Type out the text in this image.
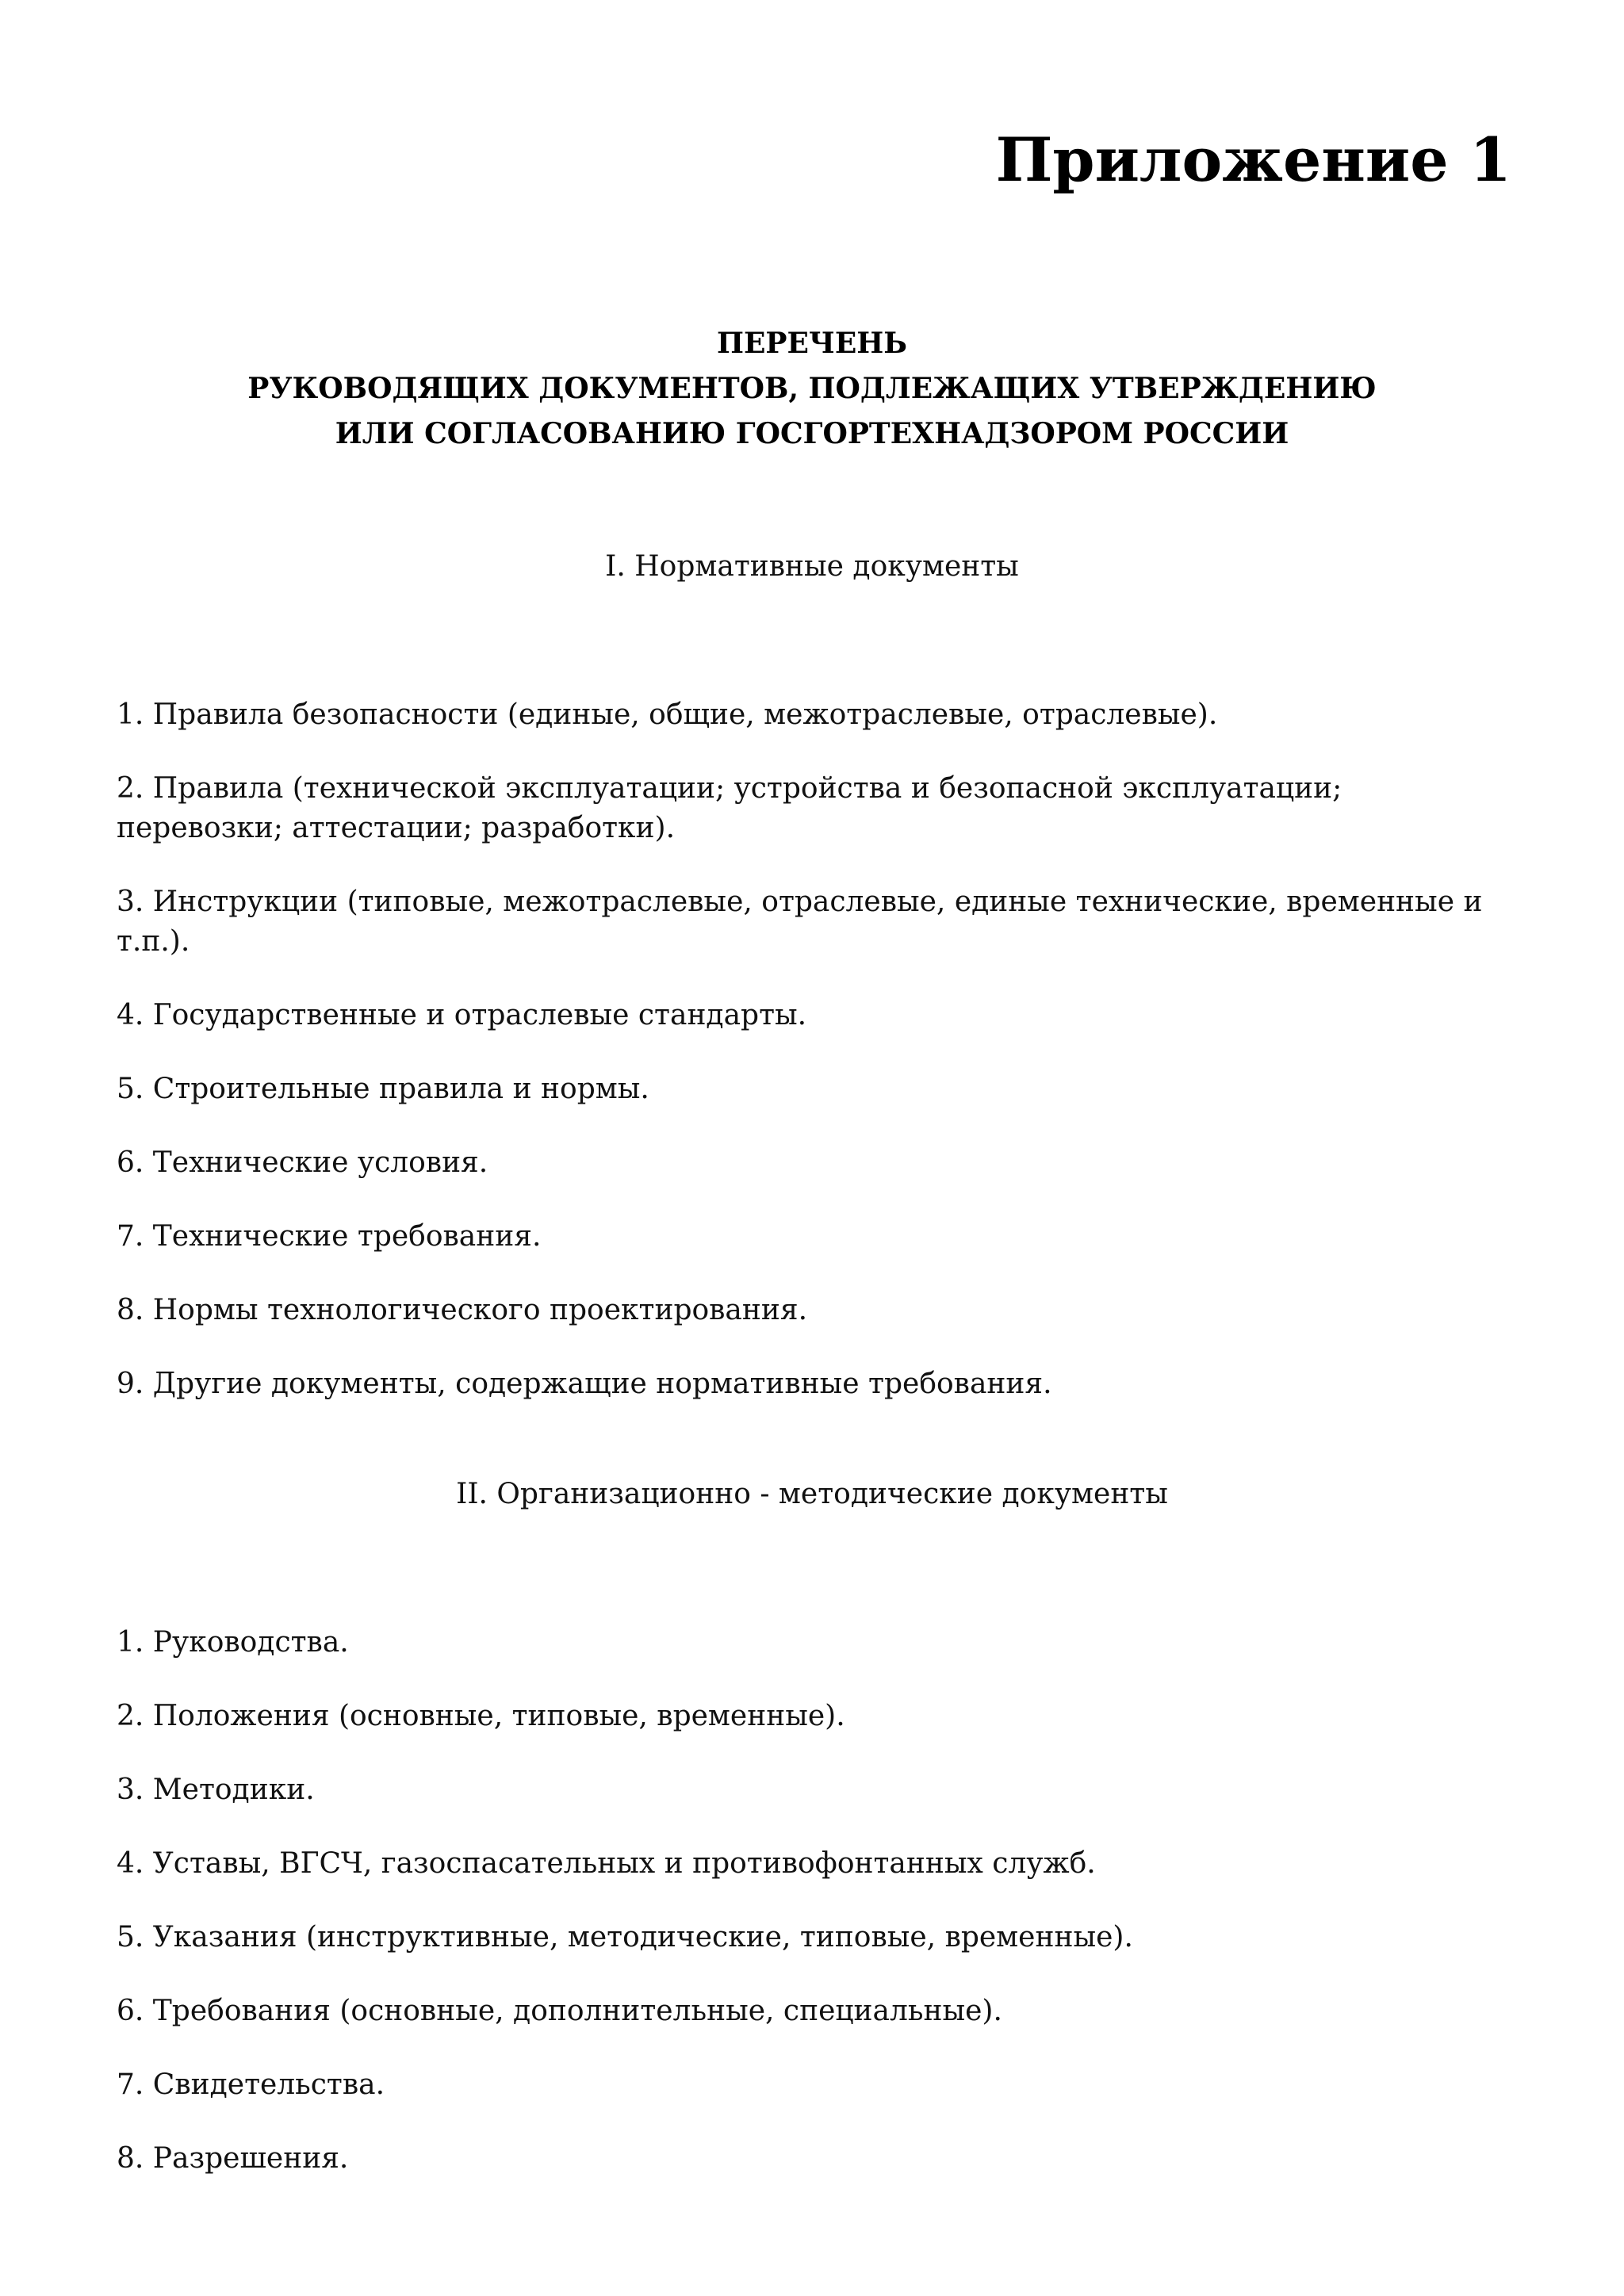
Приложение 1
ПЕРЕЧЕНЬ
РУКОВОДЯЩИХ ДОКУМЕНТОВ, ПОДЛЕЖАЩИХ УТВЕРЖДЕНИЮ
ИЛИ СОГЛАСОВАНИЮ ГОСГОРТЕХНАДЗОРОМ РОССИИ
I. Нормативные документы
1. Правила безопасности (единые, общие, межотраслевые, отраслевые).
2. Правила (технической эксплуатации; устройства и безопасной эксплуатации; перевозки; аттестации; разработки).
3. Инструкции (типовые, межотраслевые, отраслевые, единые технические, временные и т.п.).
4. Государственные и отраслевые стандарты.
5. Строительные правила и нормы.
6. Технические условия.
7. Технические требования.
8. Нормы технологического проектирования.
9. Другие документы, содержащие нормативные требования.
II. Организационно - методические документы
1. Руководства.
2. Положения (основные, типовые, временные).
3. Методики.
4. Уставы, ВГСЧ, газоспасательных и противофонтанных служб.
5. Указания (инструктивные, методические, типовые, временные).
6. Требования (основные, дополнительные, специальные).
7. Свидетельства.
8. Разрешения.
